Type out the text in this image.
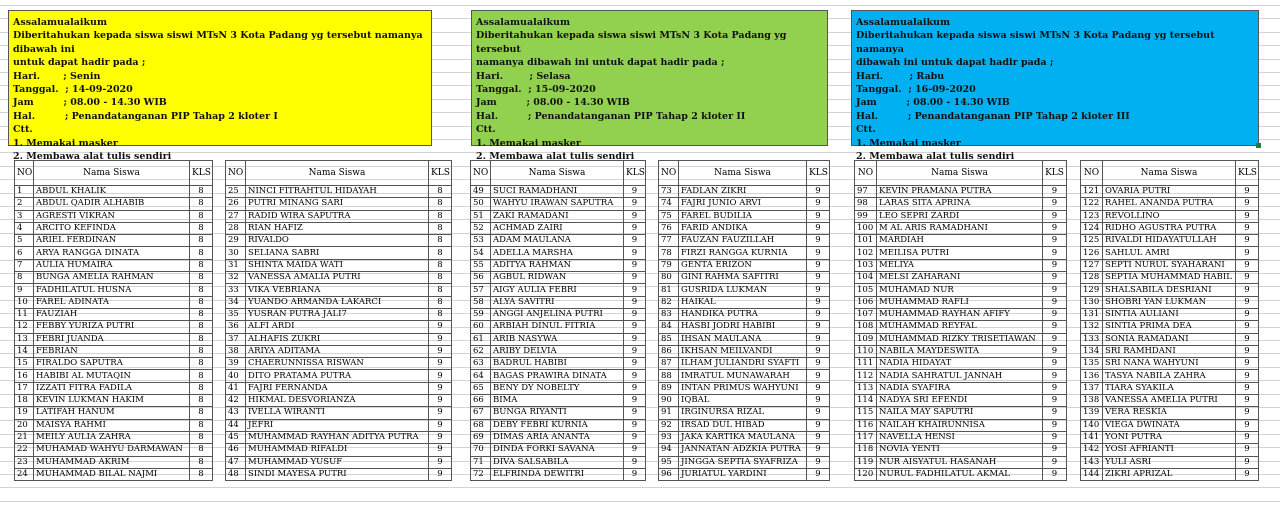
Assalamualaikum
Diberitahukan kepada siswa siswi MTsN 3 Kota Padang yg tersebut namanya dibawah ini
untuk dapat hadir pada ;
Hari.       ; Senin
Tanggal.  ; 14-09-2020
Jam         ; 08.00 - 14.30 WIB
Hal.         ; Penandatanganan PIP Tahap 2 kloter I
Ctt.
1. Memakai masker
2. Membawa alat tulis sendiri
Assalamualaikum
Diberitahukan kepada siswa siswi MTsN 3 Kota Padang yg tersebut
namanya dibawah ini untuk dapat hadir pada ;
Hari.        ; Selasa
Tanggal.  ; 15-09-2020
Jam         ; 08.00 - 14.30 WIB
Hal.         ; Penandatanganan PIP Tahap 2 kloter II
Ctt.
1. Memakai masker
2. Membawa alat tulis sendiri
Assalamualaikum
Diberitahukan kepada siswa siswi MTsN 3 Kota Padang yg tersebut namanya
dibawah ini untuk dapat hadir pada ;
Hari.        ; Rabu
Tanggal.  ; 16-09-2020
Jam         ; 08.00 - 14.30 WIB
Hal.         ; Penandatanganan PIP Tahap 2 kloter III
Ctt.
1. Memakai masker
2. Membawa alat tulis sendiri
NO	Nama Siswa	KLS
1	ABDUL KHALIK	8
2	ABDUL QADIR ALHABIB	8
3	AGRESTI VIKRAN	8
4	ARCITO KEFINDA	8
5	ARIEL FERDINAN	8
6	ARYA RANGGA DINATA	8
7	AULIA HUMAIRA	8
8	BUNGA AMELIA RAHMAN	8
9	FADHILATUL HUSNA	8
10	FAREL ADINATA	8
11	FAUZIAH	8
12	FEBBY YURIZA PUTRI	8
13	FEBRI JUANDA	8
14	FEBRIAN	8
15	FIRALDO SAPUTRA	8
16	HABIBI AL MUTAQIN	8
17	IZZATI FITRA FADILA	8
18	KEVIN LUKMAN HAKIM	8
19	LATIFAH HANUM	8
20	MAISYA RAHMI	8
21	MEILY AULIA ZAHRA	8
22	MUHAMAD WAHYU DARMAWAN	8
23	MUHAMMAD AKRIM	8
24	MUHAMMAD BILAL NAJMI	8
NO	Nama Siswa	KLS
25	NINCI FITRAHTUL HIDAYAH	8
26	PUTRI MINANG SARI	8
27	RADID WIRA SAPUTRA	8
28	RIAN HAFIZ	8
29	RIVALDO	8
30	SELIANA SABRI	8
31	SHINTA MAIDA WATI	8
32	VANESSA AMALIA PUTRI	8
33	VIKA VEBRIANA	8
34	YUANDO ARMANDA LAKARCI	8
35	YUSRAN PUTRA JALI7	8
36	ALFI ARDI	9
37	ALHAFIS ZUKRI	9
38	ARIYA ADITAMA	9
39	CHAERUNNISSA RISWAN	9
40	DITO PRATAMA PUTRA	9
41	FAJRI FERNANDA	9
42	HIKMAL DESVORIANZA	9
43	IVELLA WIRANTI	9
44	JEFRI	9
45	MUHAMMAD RAYHAN ADITYA PUTRA	9
46	MUHAMMAD RIFALDI	9
47	MUHAMMAD YUSUF	9
48	SINDI MAYESA PUTRI	9
NO	Nama Siswa	KLS
49	SUCI RAMADHANI	9
50	WAHYU IRAWAN SAPUTRA	9
51	ZAKI RAMADANI	9
52	ACHMAD ZAIRI	9
53	ADAM MAULANA	9
54	ADELLA MARSHA	9
55	ADITYA RAHMAN	9
56	AGBUL RIDWAN	9
57	AIGY AULIA FEBRI	9
58	ALYA SAVITRI	9
59	ANGGI ANJELINA PUTRI	9
60	ARBIAH DINUL FITRIA	9
61	ARIB NASYWA	9
62	ARIBY DELVIA	9
63	BADRUL HABIBI	9
64	BAGAS PRAWIRA DINATA	9
65	BENY DY NOBELTY	9
66	BIMA	9
67	BUNGA RIYANTI	9
68	DEBY FEBRI KURNIA	9
69	DIMAS ARIA ANANTA	9
70	DINDA FORKI SAVANA	9
71	DIVA SALSABILA	9
72	ELFRINDA DEWITRI	9
NO	Nama Siswa	KLS
73	FADLAN ZIKRI	9
74	FAJRI JUNIO ARVI	9
75	FAREL BUDILIA	9
76	FARID ANDIKA	9
77	FAUZAN FAUZILLAH	9
78	FIRZI RANGGA KURNIA	9
79	GENTA ERIZON	9
80	GINI RAHMA SAFITRI	9
81	GUSRIDA LUKMAN	9
82	HAIKAL	9
83	HANDIKA PUTRA	9
84	HASBI JODRI HABIBI	9
85	IHSAN MAULANA	9
86	IKHSAN MEILVANDI	9
87	ILHAM JULIANDRI SYAFTI	9
88	IMRATUL MUNAWARAH	9
89	INTAN PRIMUS WAHYUNI	9
90	IQBAL	9
91	IRGINURSA RIZAL	9
92	IRSAD DUL HIBAD	9
93	JAKA KARTIKA MAULANA	9
94	JANNATAN ADZKIA PUTRA	9
95	JINGGA SEPTIA SYAFRIZA	9
96	JURIATUL YARDINI	9
NO	Nama Siswa	KLS
97	KEVIN PRAMANA PUTRA	9
98	LARAS SITA APRINA	9
99	LEO SEPRI ZARDI	9
100	M AL ARIS RAMADHANI	9
101	MARDIAH	9
102	MEILISA PUTRI	9
103	MELIYA	9
104	MELSI ZAHARANI	9
105	MUHAMAD NUR	9
106	MUHAMMAD RAFLI	9
107	MUHAMMAD RAYHAN AFIFY	9
108	MUHAMMAD REYFAL	9
109	MUHAMMAD RIZKY TRISETIAWAN	9
110	NABILA MAYDESWITA	9
111	NADIA HIDAYAT	9
112	NADIA SAHRATUL JANNAH	9
113	NADIA SYAFIRA	9
114	NADYA SRI EFENDI	9
115	NAILA MAY SAPUTRI	9
116	NAILAH KHAIRUNNISA	9
117	NAVELLA HENSI	9
118	NOVIA YENTI	9
119	NUR AISYATUL HASANAH	9
120	NURUL FADHILATUL AKMAL	9
NO	Nama Siswa	KLS
121	OVARIA PUTRI	9
122	RAHEL ANANDA PUTRA	9
123	REVOLLINO	9
124	RIDHO AGUSTRA PUTRA	9
125	RIVALDI HIDAYATULLAH	9
126	SAHLUL AMRI	9
127	SEPTI NURUL SYAHARANI	9
128	SEPTIA MUHAMMAD HABIL	9
129	SHALSABILA DESRIANI	9
130	SHOBRI YAN LUKMAN	9
131	SINTIA AULIANI	9
132	SINTIA PRIMA DEA	9
133	SONIA RAMADANI	9
134	SRI RAMHDANI	9
135	SRI NANA WAHYUNI	9
136	TASYA NABILA ZAHRA	9
137	TIARA SYAKILA	9
138	VANESSA AMELIA PUTRI	9
139	VERA RESKIA	9
140	VIEGA DWINATA	9
141	YONI PUTRA	9
142	YOSI AFRIANTI	9
143	YULI ASRI	9
144	ZIKRI APRIZAL	9
